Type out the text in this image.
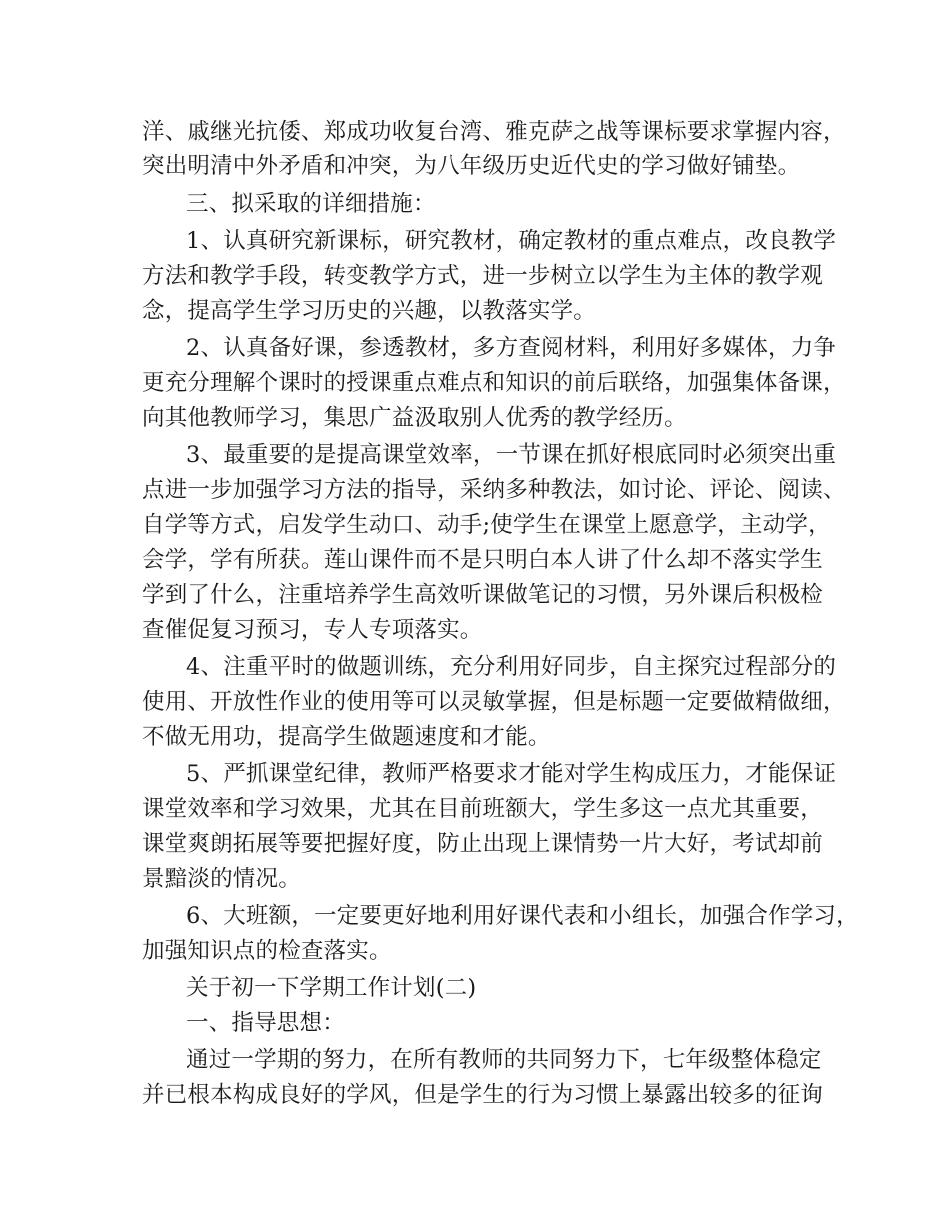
洋、戚继光抗倭、郑成功收复台湾、雅克萨之战等课标要求掌握内容，
突出明清中外矛盾和冲突，为八年级历史近代史的学习做好铺垫。
三、拟采取的详细措施：
1、认真研究新课标，研究教材，确定教材的重点难点，改良教学
方法和教学手段，转变教学方式，进一步树立以学生为主体的教学观
念，提高学生学习历史的兴趣，以教落实学。
2、认真备好课，参透教材，多方查阅材料，利用好多媒体，力争
更充分理解个课时的授课重点难点和知识的前后联络，加强集体备课，
向其他教师学习，集思广益汲取别人优秀的教学经历。
3、最重要的是提高课堂效率，一节课在抓好根底同时必须突出重
点进一步加强学习方法的指导，采纳多种教法，如讨论、评论、阅读、
自学等方式，启发学生动口、动手;使学生在课堂上愿意学，主动学，
会学，学有所获。莲山课件而不是只明白本人讲了什么却不落实学生
学到了什么，注重培养学生高效听课做笔记的习惯，另外课后积极检
查催促复习预习，专人专项落实。
4、注重平时的做题训练，充分利用好同步，自主探究过程部分的
使用、开放性作业的使用等可以灵敏掌握，但是标题一定要做精做细，
不做无用功，提高学生做题速度和才能。
5、严抓课堂纪律，教师严格要求才能对学生构成压力，才能保证
课堂效率和学习效果，尤其在目前班额大，学生多这一点尤其重要，
课堂爽朗拓展等要把握好度，防止出现上课情势一片大好，考试却前
景黯淡的情况。
6、大班额，一定要更好地利用好课代表和小组长，加强合作学习，
加强知识点的检查落实。
关于初一下学期工作计划(二)
一、指导思想：
通过一学期的努力，在所有教师的共同努力下，七年级整体稳定
并已根本构成良好的学风，但是学生的行为习惯上暴露出较多的征询
